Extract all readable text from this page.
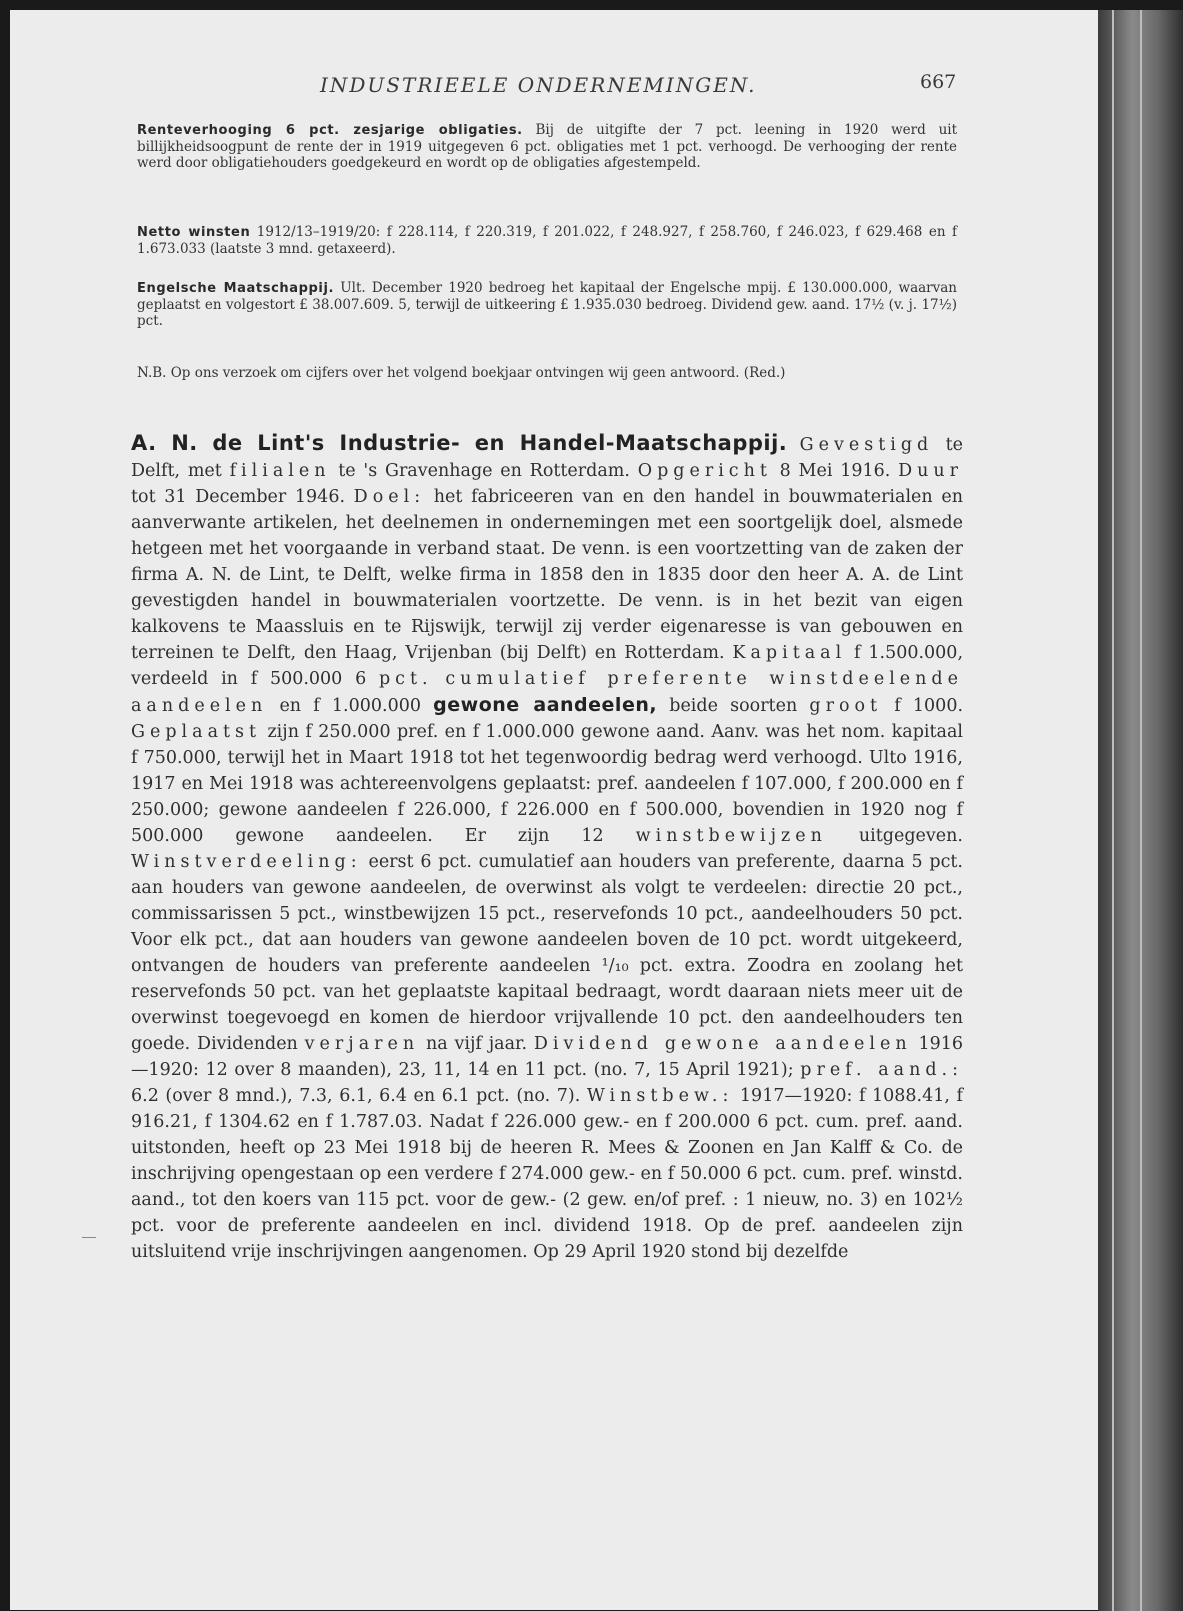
INDUSTRIEELE ONDERNEMINGEN.	667

Renteverhooging 6 pct. zesjarige obligaties. Bij de uitgifte der 7 pct. leening in 1920 werd uit billijkheidsoogpunt de rente der in 1919 uitgegeven 6 pct. obligaties met 1 pct. verhoogd. De verhooging der rente werd door obligatiehouders goedgekeurd en wordt op de obligaties afgestempeld.

Netto winsten 1912/13–1919/20: f 228.114, f 220.319, f 201.022, f 248.927, f 258.760, f 246.023, f 629.468 en f 1.673.033 (laatste 3 mnd. getaxeerd).

Engelsche Maatschappij. Ult. December 1920 bedroeg het kapitaal der Engelsche mpij. £ 130.000.000, waarvan geplaatst en volgestort £ 38.007.609. 5, terwijl de uitkeering £ 1.935.030 bedroeg. Dividend gew. aand. 17½ (v. j. 17½) pct.

N.B. Op ons verzoek om cijfers over het volgend boekjaar ontvingen wij geen antwoord. (Red.)

A. N. de Lint's Industrie- en Handel-Maatschappij. Gevestigd te Delft, met filialen te 's Gravenhage en Rotterdam. Opgericht 8 Mei 1916. Duur tot 31 December 1946. Doel: het fabriceeren van en den handel in bouwmaterialen en aanverwante artikelen, het deelnemen in ondernemingen met een soortgelijk doel, alsmede hetgeen met het voorgaande in verband staat. De venn. is een voortzetting van de zaken der firma A. N. de Lint, te Delft, welke firma in 1858 den in 1835 door den heer A. A. de Lint gevestigden handel in bouwmaterialen voortzette. De venn. is in het bezit van eigen kalkovens te Maassluis en te Rijswijk, terwijl zij verder eigenaresse is van gebouwen en terreinen te Delft, den Haag, Vrijenban (bij Delft) en Rotterdam. Kapitaal f 1.500.000, verdeeld in f 500.000 6 pct. cumulatief preferente winstdeelende aandeelen en f 1.000.000 gewone aandeelen, beide soorten groot f 1000. Geplaatst zijn f 250.000 pref. en f 1.000.000 gewone aand. Aanv. was het nom. kapitaal f 750.000, terwijl het in Maart 1918 tot het tegenwoordig bedrag werd verhoogd. Ulto 1916, 1917 en Mei 1918 was achtereenvolgens geplaatst: pref. aandeelen f 107.000, f 200.000 en f 250.000; gewone aandeelen f 226.000, f 226.000 en f 500.000, bovendien in 1920 nog f 500.000 gewone aandeelen. Er zijn 12 winstbewijzen uitgegeven. Winstverdeeling: eerst 6 pct. cumulatief aan houders van preferente, daarna 5 pct. aan houders van gewone aandeelen, de overwinst als volgt te verdeelen: directie 20 pct., commissarissen 5 pct., winstbewijzen 15 pct., reservefonds 10 pct., aandeelhouders 50 pct. Voor elk pct., dat aan houders van gewone aandeelen boven de 10 pct. wordt uitgekeerd, ontvangen de houders van preferente aandeelen ¹/₁₀ pct. extra. Zoodra en zoolang het reservefonds 50 pct. van het geplaatste kapitaal bedraagt, wordt daaraan niets meer uit de overwinst toegevoegd en komen de hierdoor vrijvallende 10 pct. den aandeelhouders ten goede. Dividenden verjaren na vijf jaar. Dividend gewone aandeelen 1916—1920: 12 over 8 maanden), 23, 11, 14 en 11 pct. (no. 7, 15 April 1921); pref. aand.: 6.2 (over 8 mnd.), 7.3, 6.1, 6.4 en 6.1 pct. (no. 7). Winstbew.: 1917—1920: f 1088.41, f 916.21, f 1304.62 en f 1.787.03. Nadat f 226.000 gew.- en f 200.000 6 pct. cum. pref. aand. uitstonden, heeft op 23 Mei 1918 bij de heeren R. Mees & Zoonen en Jan Kalff & Co. de inschrijving opengestaan op een verdere f 274.000 gew.- en f 50.000 6 pct. cum. pref. winstd. aand., tot den koers van 115 pct. voor de gew.- (2 gew. en/of pref. : 1 nieuw, no. 3) en 102½ pct. voor de preferente aandeelen en incl. dividend 1918. Op de pref. aandeelen zijn uitsluitend vrije inschrijvingen aangenomen. Op 29 April 1920 stond bij dezelfde
